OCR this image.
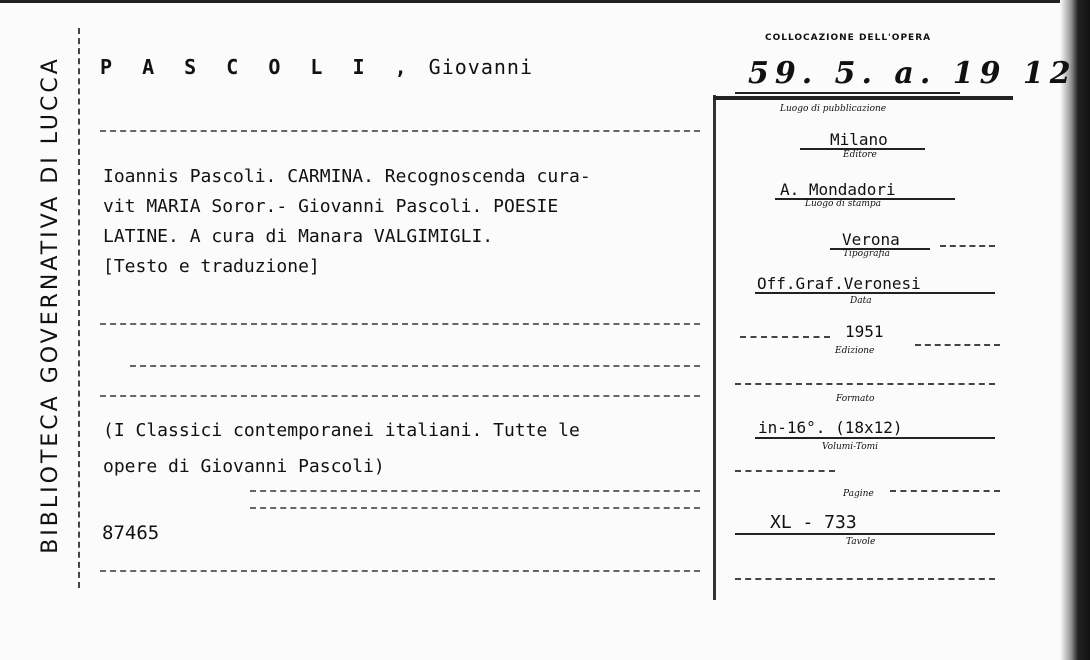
BIBLIOTECA GOVERNATIVA DI LUCCA P A S C O L I , Giovanni
Ioannis Pascoli. CARMINA. Recognoscenda cura-
vit MARIA Soror.- Giovanni Pascoli. POESIE
LATINE. A cura di Manara VALGIMIGLI.
[Testo e traduzione]
(I Classici contemporanei italiani. Tutte le
opere di Giovanni Pascoli)
87465
COLLOCAZIONE DELL'OPERA
59. 5. a. 19 12
Luogo di pubblicazione
Milano
Editore
A. Mondadori
Luogo di stampa
Verona
Tipografia
Off.Graf.Veronesi
Data
1951
Edizione
Formato
in-16°. (18x12)
Volumi-Tomi
Pagine
XL - 733
Tavole
